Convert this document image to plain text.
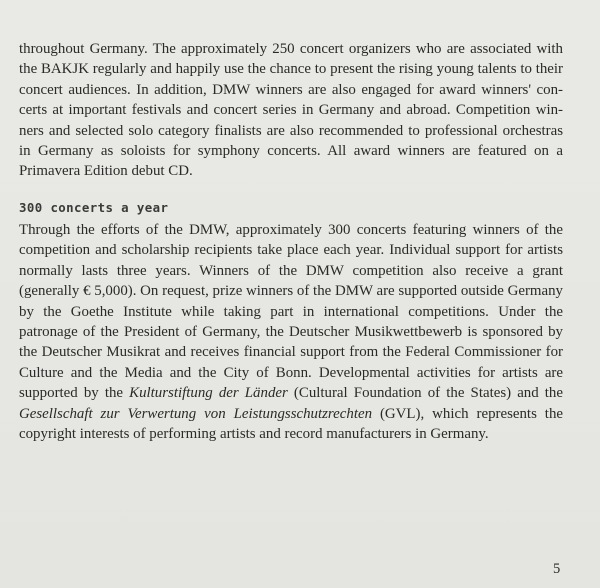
throughout Germany. The approximately 250 concert organizers who are associated with the BAKJK regularly and happily use the chance to present the rising young talents to their concert audiences. In addition, DMW winners are also engaged for award winners' concerts at important festivals and concert series in Germany and abroad. Competition winners and selected solo category finalists are also recommended to professional orchestras in Germany as soloists for symphony concerts. All award winners are featured on a Primavera Edition debut CD.

300 concerts a year

Through the efforts of the DMW, approximately 300 concerts featuring winners of the competition and scholarship recipients take place each year. Individual support for artists normally lasts three years. Winners of the DMW competition also receive a grant (generally € 5,000). On request, prize winners of the DMW are supported outside Germany by the Goethe Institute while taking part in international competitions. Under the patronage of the President of Germany, the Deutscher Musikwettbewerb is sponsored by the Deutscher Musikrat and receives financial support from the Federal Commissioner for Culture and the Media and the City of Bonn. Developmental activities for artists are supported by the Kulturstiftung der Länder (Cultural Foundation of the States) and the Gesellschaft zur Verwertung von Leistungsschutzrechten (GVL), which represents the copyright interests of performing artists and record manufacturers in Germany.

5
